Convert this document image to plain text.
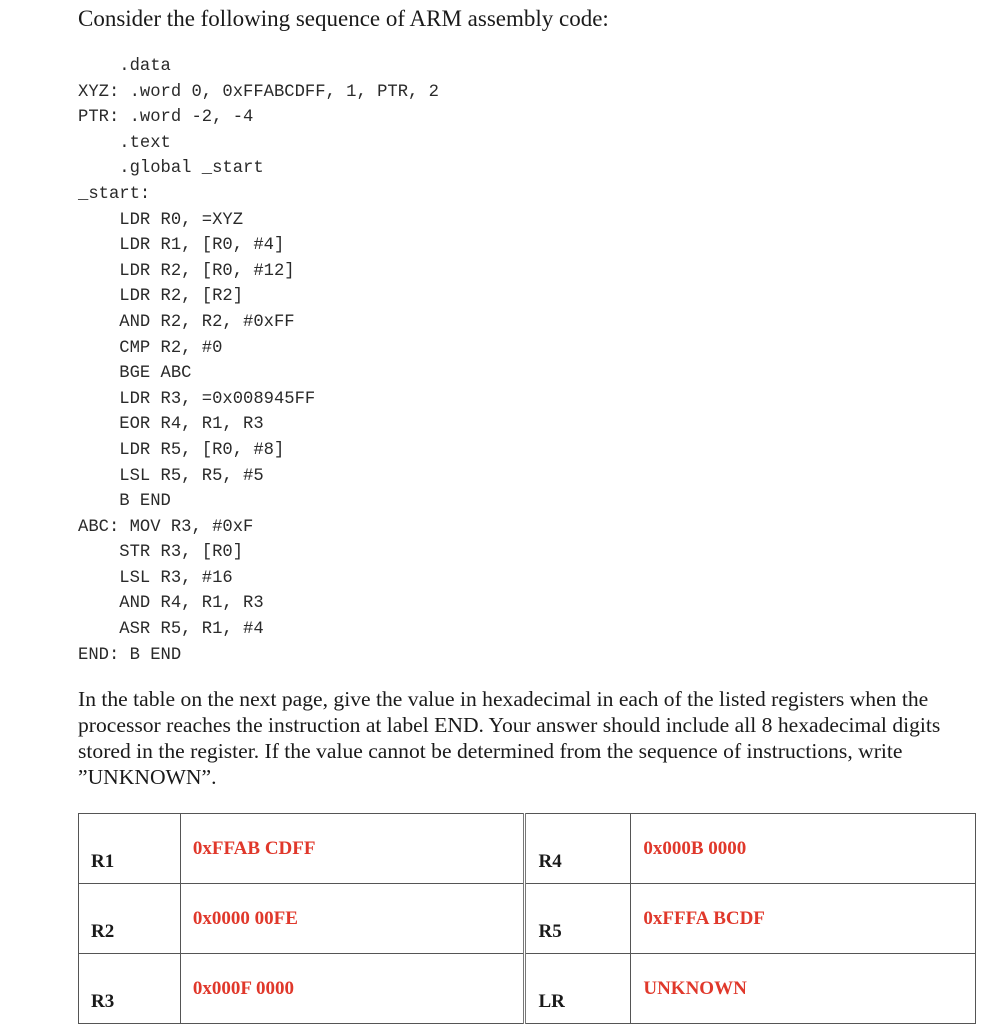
Consider the following sequence of ARM assembly code:
.data
XYZ: .word 0, 0xFFABCDFF, 1, PTR, 2
PTR: .word -2, -4
.text
.global _start
_start:
LDR R0, =XYZ
LDR R1, [R0, #4]
LDR R2, [R0, #12]
LDR R2, [R2]
AND R2, R2, #0xFF
CMP R2, #0
BGE ABC
LDR R3, =0x008945FF
EOR R4, R1, R3
LDR R5, [R0, #8]
LSL R5, R5, #5
B END
ABC: MOV R3, #0xF
STR R3, [R0]
LSL R3, #16
AND R4, R1, R3
ASR R5, R1, #4
END: B END
In the table on the next page, give the value in hexadecimal in each of the listed registers when the processor reaches the instruction at label END. Your answer should include all 8 hexadecimal digits stored in the register. If the value cannot be determined from the sequence of instructions, write ”UNKNOWN”.
R1	0xFFAB CDFF	R4	0x000B 0000

R2	0x0000 00FE	R5	0xFFFA BCDF

R3	0x000F 0000	LR	UNKNOWN
